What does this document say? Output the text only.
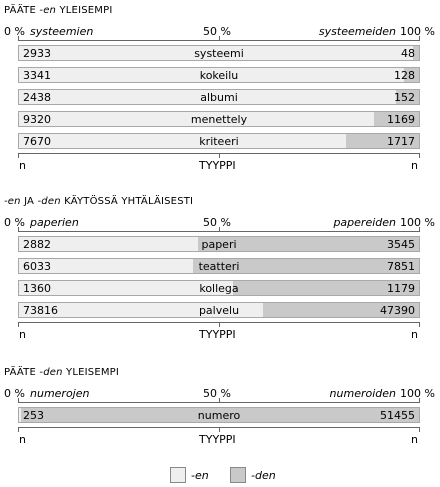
PÄÄTE -en YLEISEMPI
0 % systeemien	50 %	systeemeiden 100 %
2933	systeemi	48
3341	kokeilu	128
2438	albumi	152
9320	menettely	1169
7670	kriteeri	1717
n	TYYPPI	n
-en JA -den KÄYTÖSSÄ YHTÄLÄISESTI
0 % paperien	50 %	papereiden 100 %
2882	paperi	3545
6033	teatteri	7851
1360	kollega	1179
73816	palvelu	47390
n	TYYPPI	n
PÄÄTE -den YLEISEMPI
0 % numerojen	50 %	numeroiden 100 %
253	numero	51455
n	TYYPPI	n
-en	-den
